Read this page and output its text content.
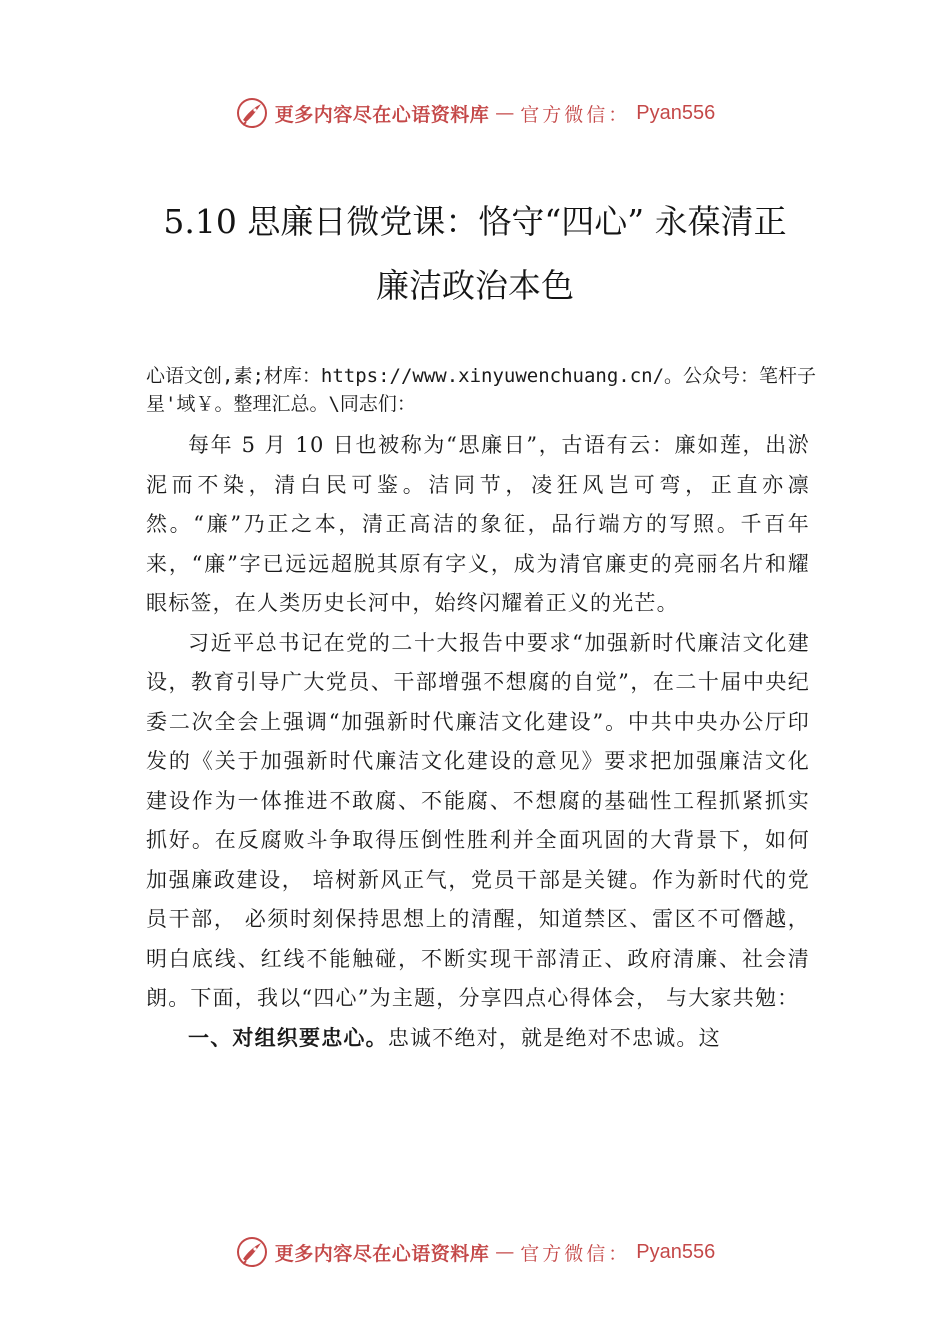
更多内容尽在心语资料库 — 官方微信： Pyan556
5.10 思廉日微党课：恪守“四心” 永葆清正
廉洁政治本色
心语文创,素;材库：https://www.xinyuwenchuang.cn/。公众号：笔杆子星'域￥。整理汇总。\同志们：

每年 5 月 10 日也被称为“思廉日”，古语有云：廉如莲，出淤泥而不染，清白民可鉴。洁同节，凌狂风岂可弯，正直亦凛然。“廉”乃正之本，清正高洁的象征，品行端方的写照。千百年来，“廉”字已远远超脱其原有字义，成为清官廉吏的亮丽名片和耀眼标签，在人类历史长河中，始终闪耀着正义的光芒。

习近平总书记在党的二十大报告中要求“加强新时代廉洁文化建设，教育引导广大党员、干部增强不想腐的自觉”，在二十届中央纪委二次全会上强调“加强新时代廉洁文化建设”。中共中央办公厅印发的《关于加强新时代廉洁文化建设的意见》要求把加强廉洁文化建设作为一体推进不敢腐、不能腐、不想腐的基础性工程抓紧抓实抓好。在反腐败斗争取得压倒性胜利并全面巩固的大背景下，如何加强廉政建设， 培树新风正气，党员干部是关键。作为新时代的党员干部， 必须时刻保持思想上的清醒，知道禁区、雷区不可僭越，明白底线、红线不能触碰，不断实现干部清正、政府清廉、社会清朗。下面，我以“四心”为主题，分享四点心得体会， 与大家共勉：

一、对组织要忠心。忠诚不绝对，就是绝对不忠诚。这

更多内容尽在心语资料库 — 官方微信： Pyan556
